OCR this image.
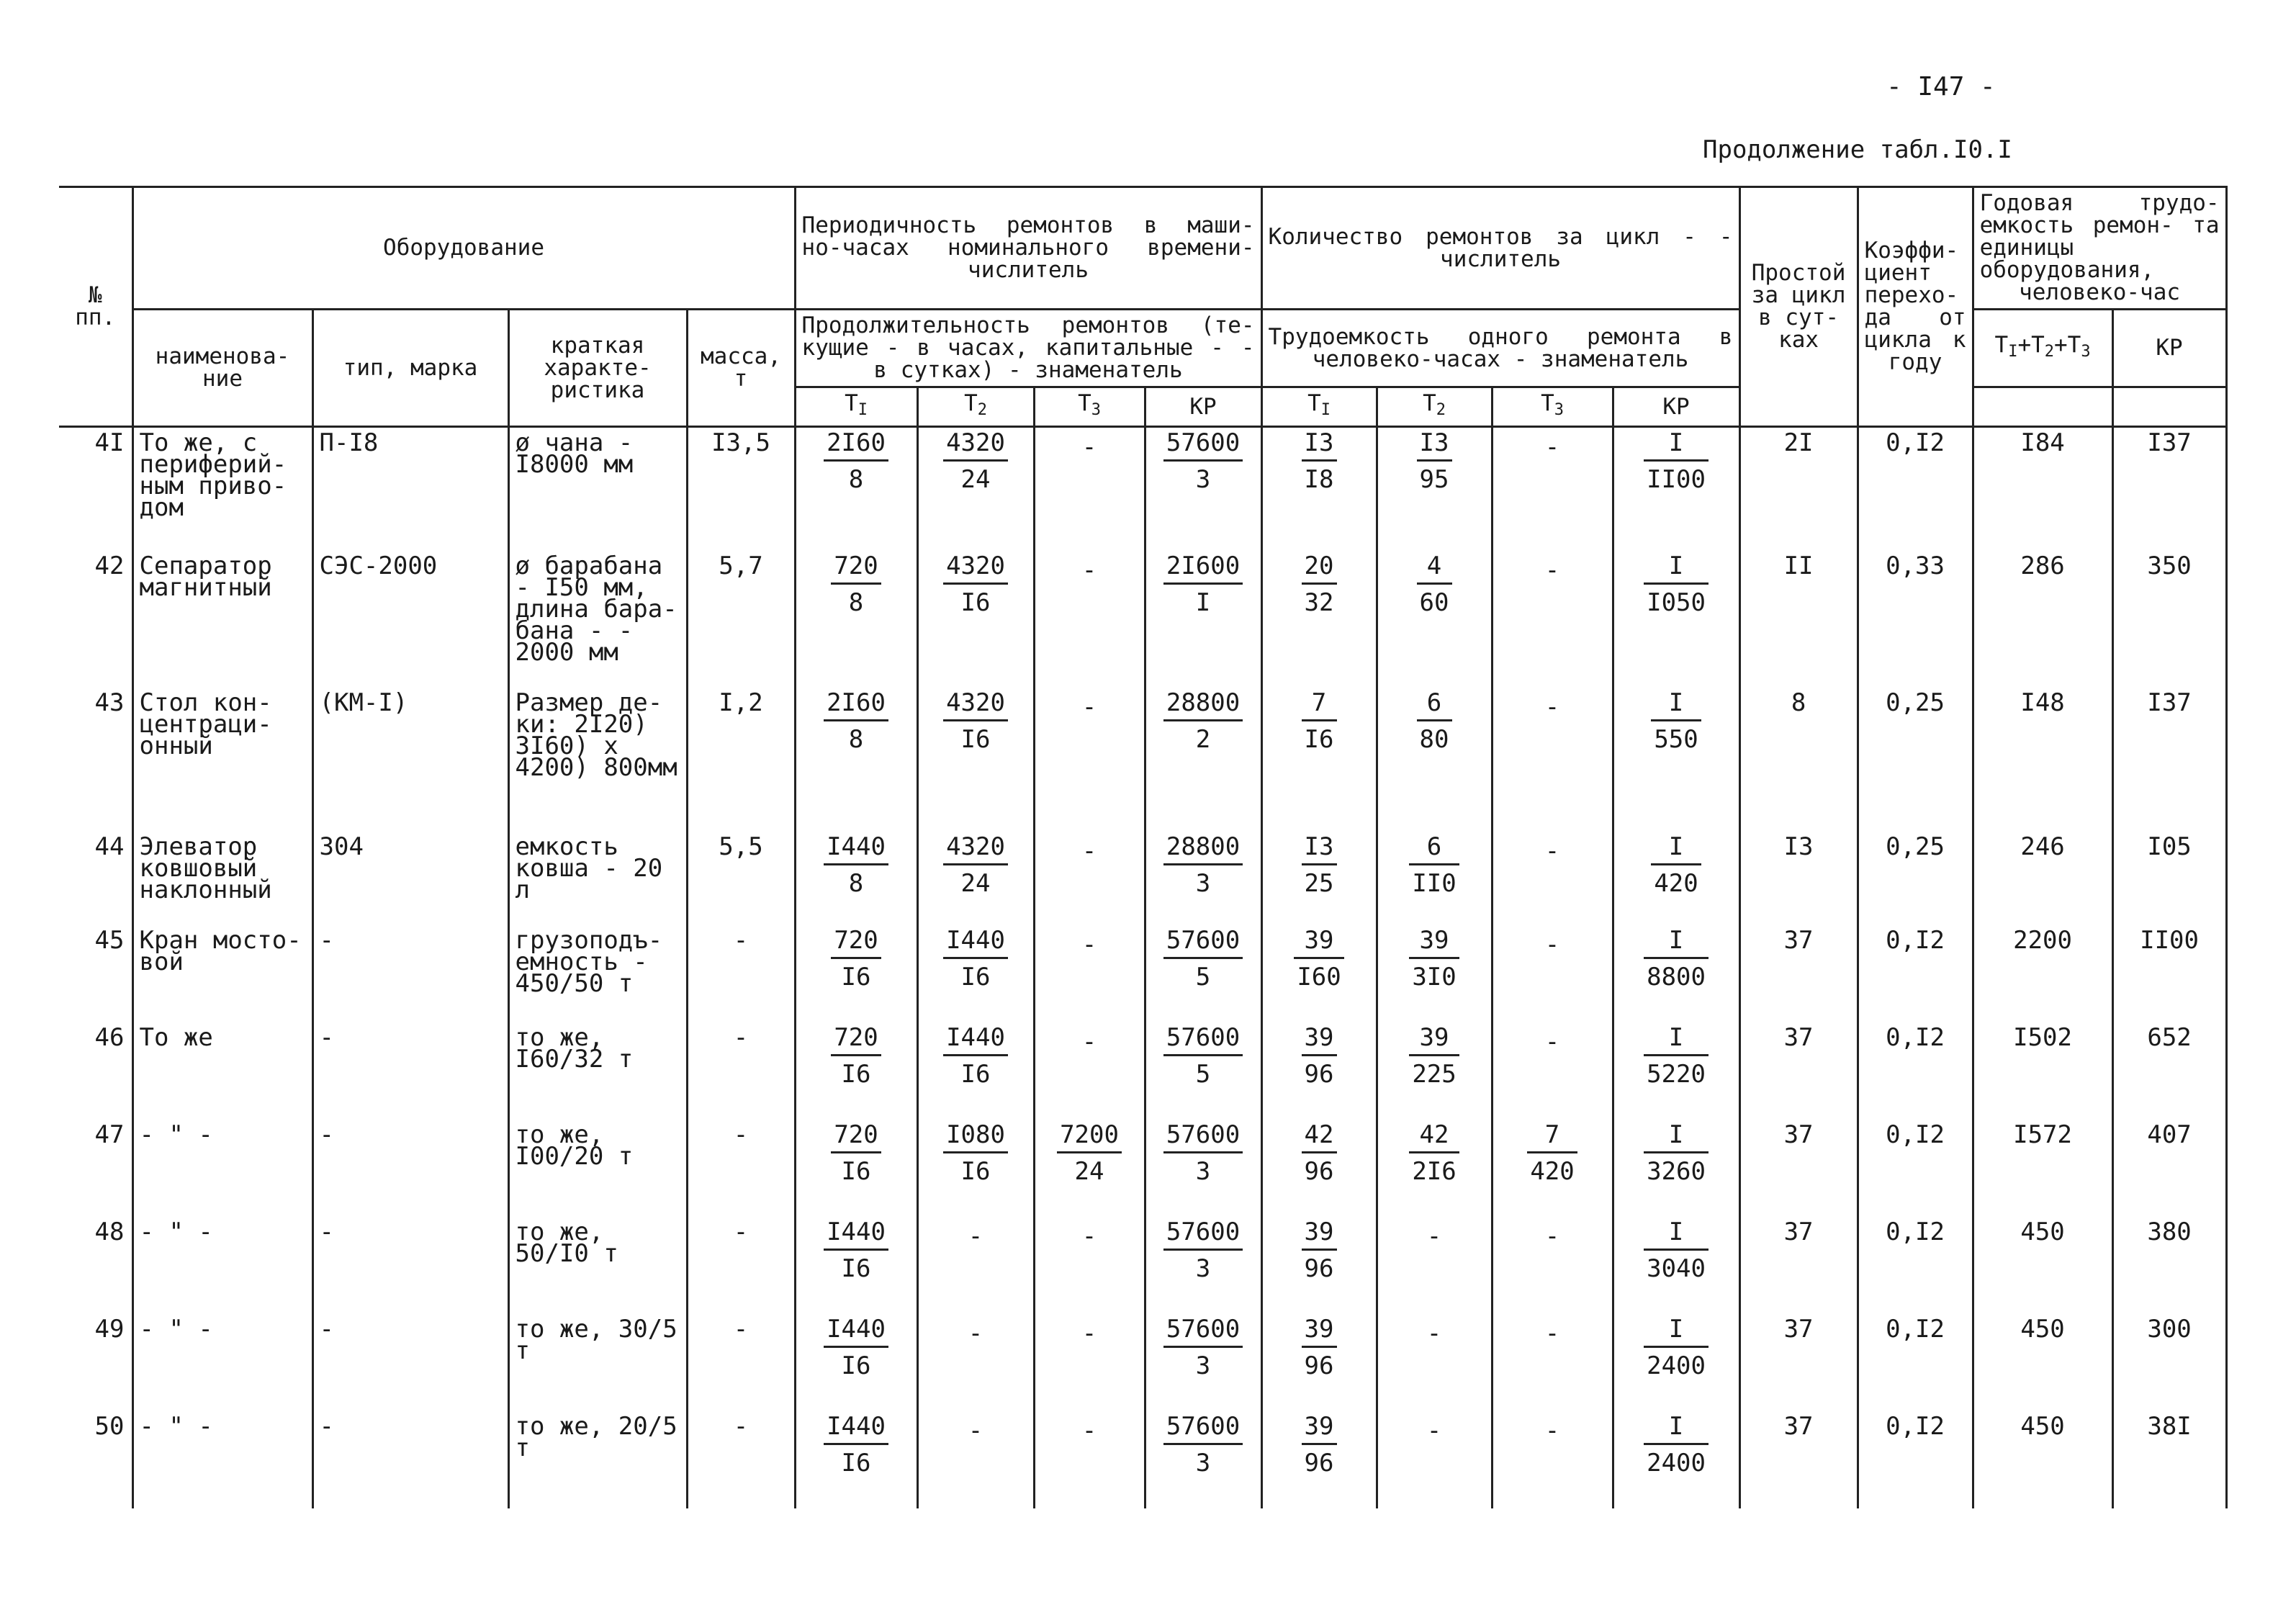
- I47 -
Продолжение табл.I0.I
№ пп.	Оборудование				Периодичность ремонтов в маши- но-часах номинального времени- числитель				Количество ремонтов за цикл - - числитель				Простой за цикл в сут- ках	Коэффи- циент перехо- да от цикла к году	Годовая трудо- емкость ремон- та единицы оборудования, человеко-час	
	наименова- ние	тип, марка	краткая характе- ристика	масса, т	Продолжительность ремонтов (те- кущие - в часах, капитальные - - в сутках) - знаменатель				Трудоемкость одного ремонта в человеко-часах - знаменатель						$T_I+T_2+T_3$	КР
					$T_I$	$T_2$	$T_3$	КР	$T_I$	$T_2$	$T_3$	КР				
4I	То же, с периферий- ным приво- дом	П-I8	ø чана - I8000 мм	I3,5	$\frac{2I60}{8}$	$\frac{4320}{24}$	-	$\frac{57600}{3}$	$\frac{I3}{I8}$	$\frac{I3}{95}$	-	$\frac{I}{II00}$	2I	0,I2	I84	I37
42	Сепаратор магнитный	СЭС-2000	ø барабана - I50 мм, длина бара- бана - - 2000 мм	5,7	$\frac{720}{8}$	$\frac{4320}{I6}$	-	$\frac{2I600}{I}$	$\frac{20}{32}$	$\frac{4}{60}$	-	$\frac{I}{I050}$	II	0,33	286	350
43	Стол кон- центраци- онный	(КМ-I)	Размер де- ки: 2I20) 3I60) x 4200) 800мм	I,2	$\frac{2I60}{8}$	$\frac{4320}{I6}$	-	$\frac{28800}{2}$	$\frac{7}{I6}$	$\frac{6}{80}$	-	$\frac{I}{550}$	8	0,25	I48	I37
44	Элеватор ковшовый наклонный	304	емкость ковша - 20 л	5,5	$\frac{I440}{8}$	$\frac{4320}{24}$	-	$\frac{28800}{3}$	$\frac{I3}{25}$	$\frac{6}{II0}$	-	$\frac{I}{420}$	I3	0,25	246	I05
45	Кран мосто- вой	-	грузоподъ- емность - 450/50 т	-	$\frac{720}{I6}$	$\frac{I440}{I6}$	-	$\frac{57600}{5}$	$\frac{39}{I60}$	$\frac{39}{3I0}$	-	$\frac{I}{8800}$	37	0,I2	2200	II00
46	То же	-	то же, I60/32 т	-	$\frac{720}{I6}$	$\frac{I440}{I6}$	-	$\frac{57600}{5}$	$\frac{39}{96}$	$\frac{39}{225}$	-	$\frac{I}{5220}$	37	0,I2	I502	652
47	- " -	-	то же, I00/20 т	-	$\frac{720}{I6}$	$\frac{I080}{I6}$	$\frac{7200}{24}$	$\frac{57600}{3}$	$\frac{42}{96}$	$\frac{42}{2I6}$	$\frac{7}{420}$	$\frac{I}{3260}$	37	0,I2	I572	407
48	- " -	-	то же, 50/I0 т	-	$\frac{I440}{I6}$	-	-	$\frac{57600}{3}$	$\frac{39}{96}$	-	-	$\frac{I}{3040}$	37	0,I2	450	380
49	- " -	-	то же, 30/5 т	-	$\frac{I440}{I6}$	-	-	$\frac{57600}{3}$	$\frac{39}{96}$	-	-	$\frac{I}{2400}$	37	0,I2	450	300
50	- " -	-	то же, 20/5 т	-	$\frac{I440}{I6}$	-	-	$\frac{57600}{3}$	$\frac{39}{96}$	-	-	$\frac{I}{2400}$	37	0,I2	450	38I
